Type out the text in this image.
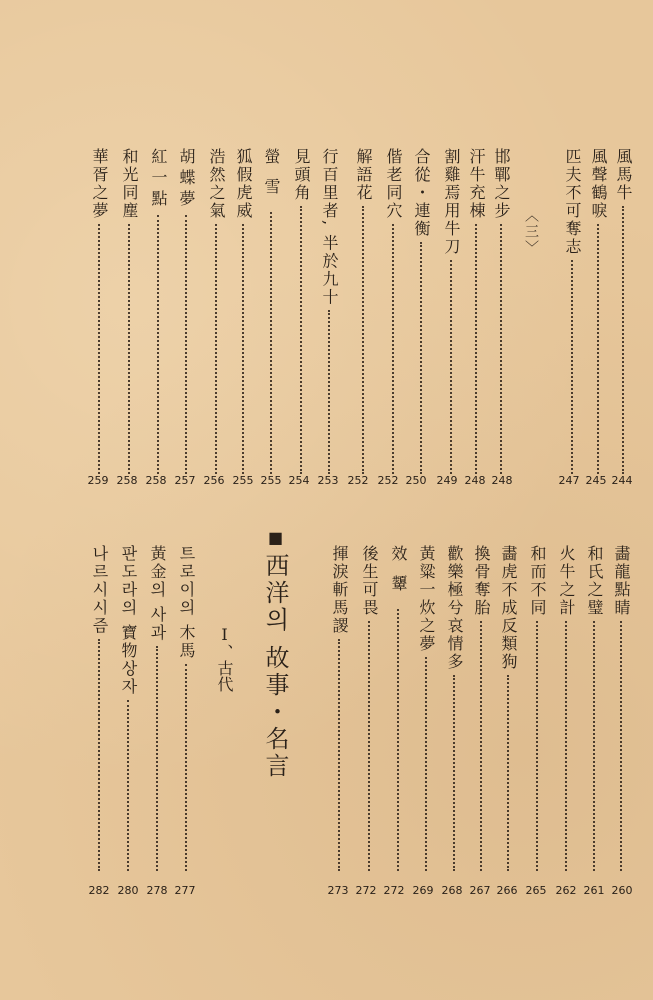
風馬牛
風聲鶴唳
匹夫不可奪志
〈三〉
邯鄲之步
汗牛充棟
割雞焉用牛刀
合從・連衡
偕老同穴
解語花
行百里者, 半於九十
見頭角
螢雪
狐假虎威
浩然之氣
胡蝶夢
紅一點
和光同塵
華胥之夢
244
245
247
248
248
249
250
252
252
253
254
255
255
256
257
258
258
259
畵龍點睛
和氏之璧
火牛之計
和而不同
畵虎不成反類狗
換骨奪胎
歡樂極兮哀情多
黃粱一炊之夢
效顰
後生可畏
揮淚斬馬謖
■ 西洋의 故事・名言
Ⅰ、古代
트로이의 木馬
黃金의 사과
판도라의 寶物상자
나르시시즘
260
261
262
265
266
267
268
269
272
272
273
277
278
280
282
